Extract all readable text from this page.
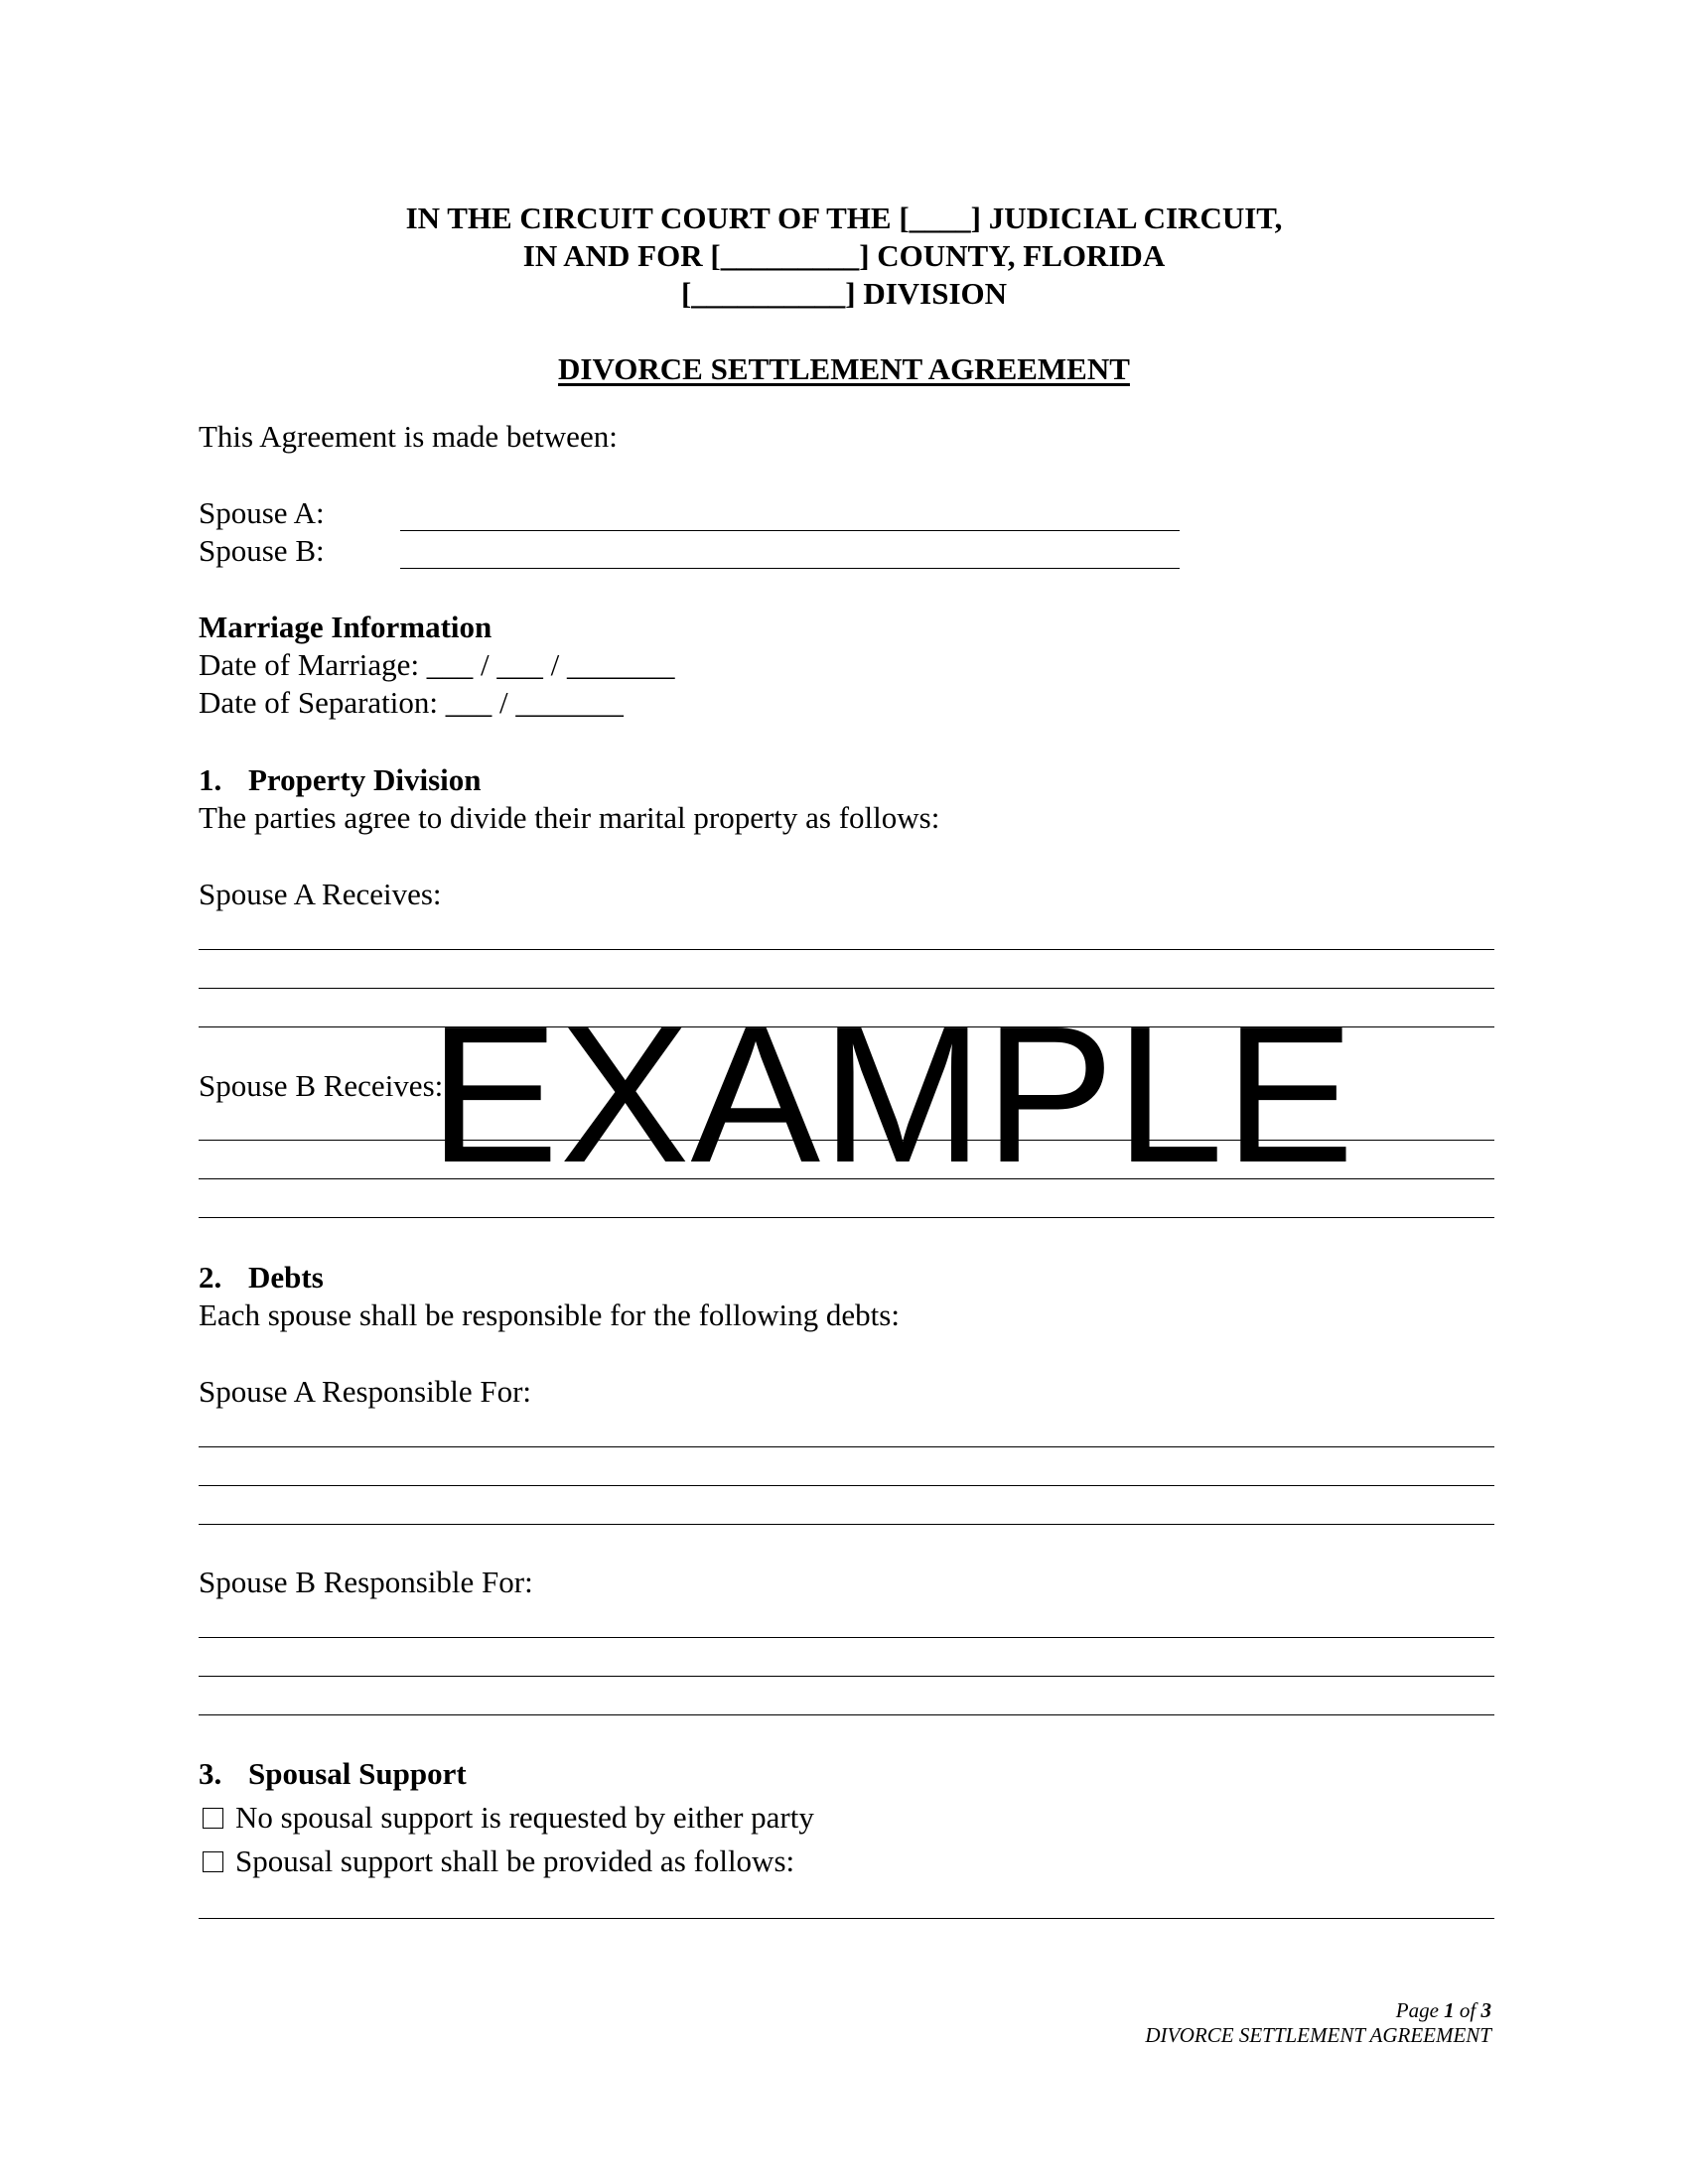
IN THE CIRCUIT COURT OF THE [____] JUDICIAL CIRCUIT,
IN AND FOR [_________] COUNTY, FLORIDA
[__________] DIVISION
DIVORCE SETTLEMENT AGREEMENT
This Agreement is made between:
Spouse A:
Spouse B:
Marriage Information
Date of Marriage: ___ / ___ / _______
Date of Separation: ___ / _______
1. Property Division
The parties agree to divide their marital property as follows:
Spouse A Receives:
Spouse B Receives:
2. Debts
Each spouse shall be responsible for the following debts:
Spouse A Responsible For:
Spouse B Responsible For:
3. Spousal Support
No spousal support is requested by either party
Spousal support shall be provided as follows:
EXAMPLE
Page 1 of 3
DIVORCE SETTLEMENT AGREEMENT
